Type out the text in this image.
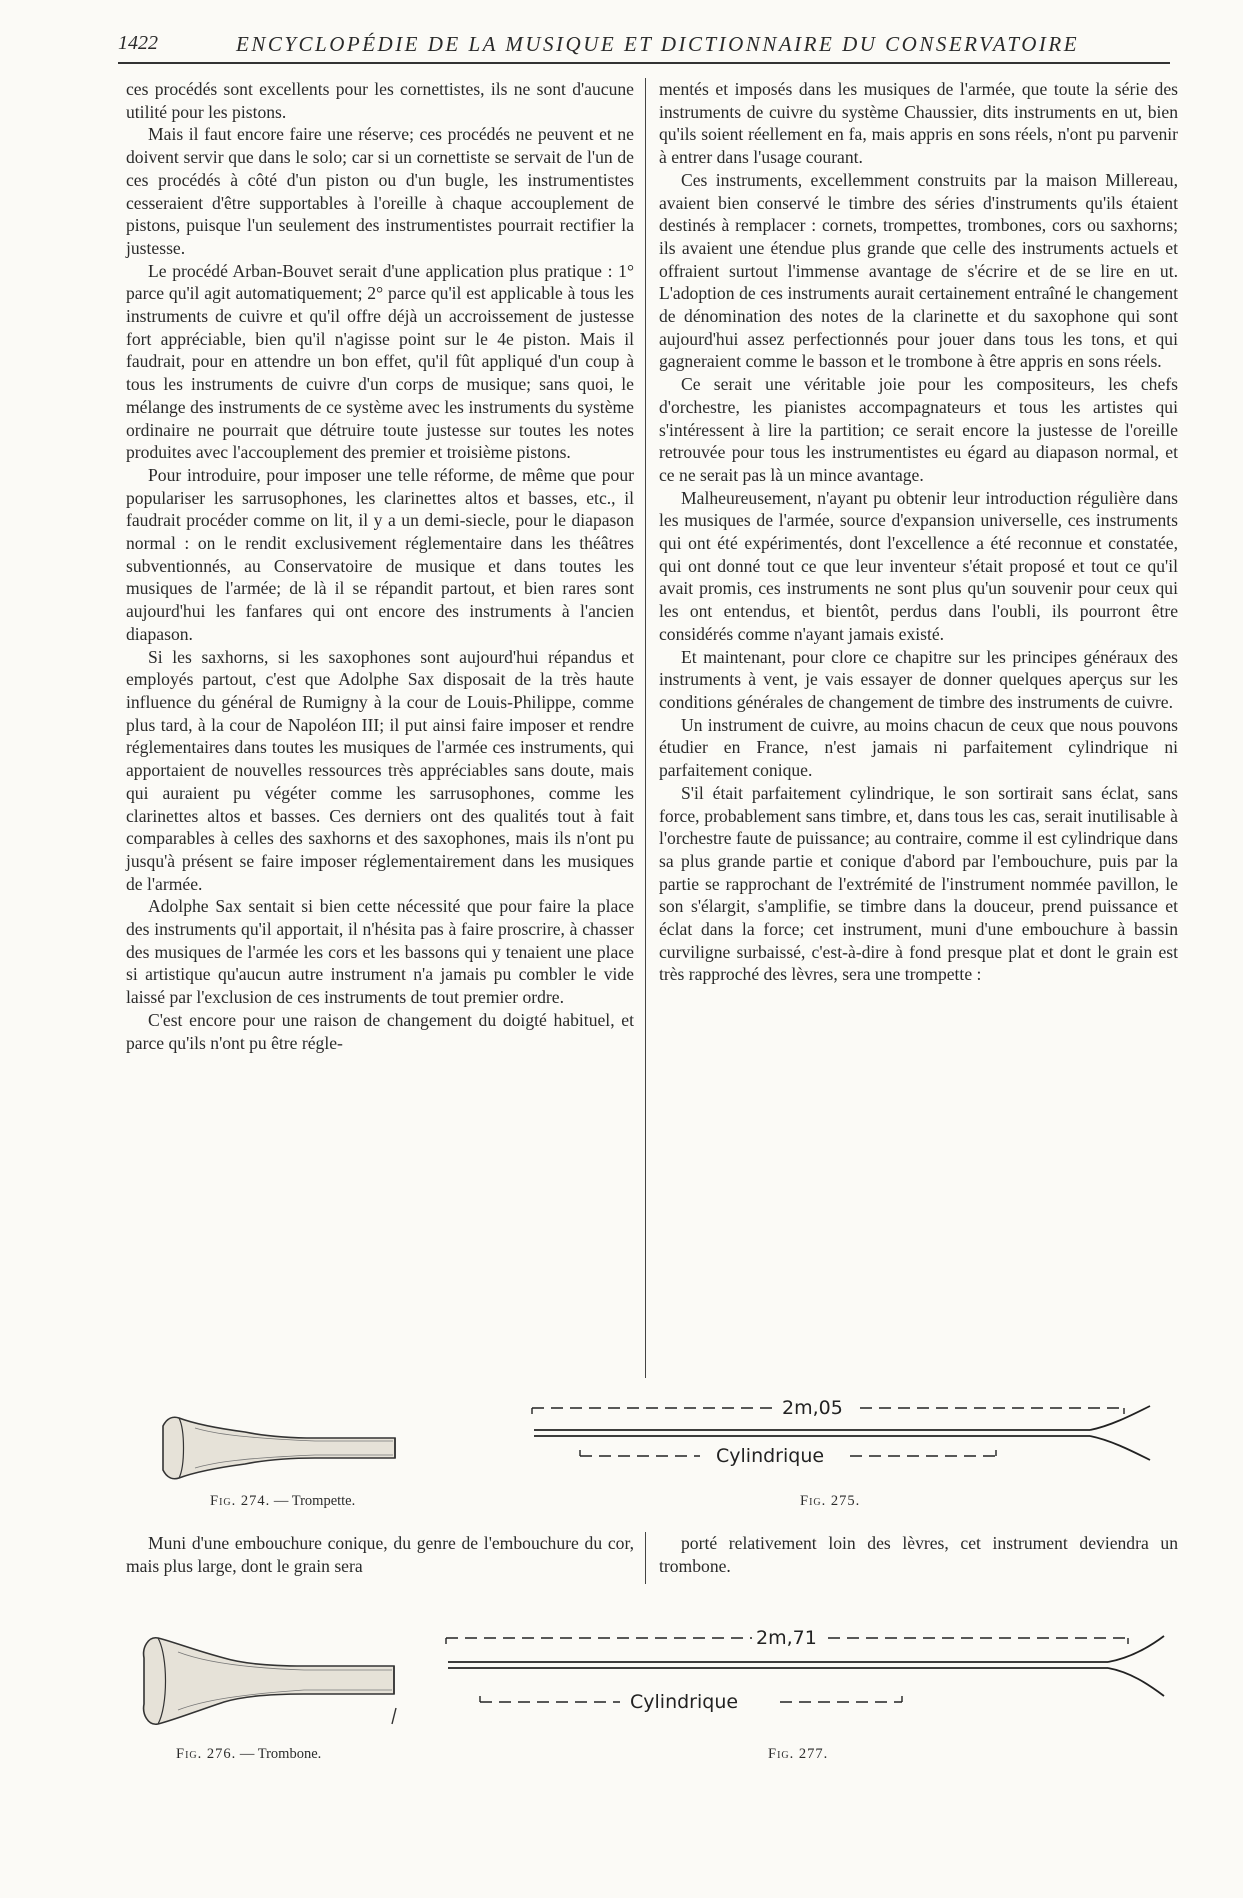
1422	ENCYCLOPÉDIE DE LA MUSIQUE ET DICTIONNAIRE DU CONSERVATOIRE

ces procédés sont excellents pour les cornettistes, ils ne sont d'aucune utilité pour les pistons.

Mais il faut encore faire une réserve; ces procédés ne peuvent et ne doivent servir que dans le solo; car si un cornettiste se servait de l'un de ces procédés à côté d'un piston ou d'un bugle, les instrumentistes cesseraient d'être supportables à l'oreille à chaque accouplement de pistons, puisque l'un seulement des instrumentistes pourrait rectifier la justesse.

Le procédé Arban-Bouvet serait d'une application plus pratique : 1° parce qu'il agit automatiquement; 2° parce qu'il est applicable à tous les instruments de cuivre et qu'il offre déjà un accroissement de justesse fort appréciable, bien qu'il n'agisse point sur le 4e piston. Mais il faudrait, pour en attendre un bon effet, qu'il fût appliqué d'un coup à tous les instruments de cuivre d'un corps de musique; sans quoi, le mélange des instruments de ce système avec les instruments du système ordinaire ne pourrait que détruire toute justesse sur toutes les notes produites avec l'accouplement des premier et troisième pistons.

Pour introduire, pour imposer une telle réforme, de même que pour populariser les sarrusophones, les clarinettes altos et basses, etc., il faudrait procéder comme on lit, il y a un demi-siecle, pour le diapason normal : on le rendit exclusivement réglementaire dans les théâtres subventionnés, au Conservatoire de musique et dans toutes les musiques de l'armée; de là il se répandit partout, et bien rares sont aujourd'hui les fanfares qui ont encore des instruments à l'ancien diapason.

Si les saxhorns, si les saxophones sont aujourd'hui répandus et employés partout, c'est que Adolphe Sax disposait de la très haute influence du général de Rumigny à la cour de Louis-Philippe, comme plus tard, à la cour de Napoléon III; il put ainsi faire imposer et rendre réglementaires dans toutes les musiques de l'armée ces instruments, qui apportaient de nouvelles ressources très appréciables sans doute, mais qui auraient pu végéter comme les sarrusophones, comme les clarinettes altos et basses. Ces derniers ont des qualités tout à fait comparables à celles des saxhorns et des saxophones, mais ils n'ont pu jusqu'à présent se faire imposer réglementairement dans les musiques de l'armée.

Adolphe Sax sentait si bien cette nécessité que pour faire la place des instruments qu'il apportait, il n'hésita pas à faire proscrire, à chasser des musiques de l'armée les cors et les bassons qui y tenaient une place si artistique qu'aucun autre instrument n'a jamais pu combler le vide laissé par l'exclusion de ces instruments de tout premier ordre.

C'est encore pour une raison de changement du doigté habituel, et parce qu'ils n'ont pu être régle-

mentés et imposés dans les musiques de l'armée, que toute la série des instruments de cuivre du système Chaussier, dits instruments en ut, bien qu'ils soient réellement en fa, mais appris en sons réels, n'ont pu parvenir à entrer dans l'usage courant.

Ces instruments, excellemment construits par la maison Millereau, avaient bien conservé le timbre des séries d'instruments qu'ils étaient destinés à remplacer : cornets, trompettes, trombones, cors ou saxhorns; ils avaient une étendue plus grande que celle des instruments actuels et offraient surtout l'immense avantage de s'écrire et de se lire en ut. L'adoption de ces instruments aurait certainement entraîné le changement de dénomination des notes de la clarinette et du saxophone qui sont aujourd'hui assez perfectionnés pour jouer dans tous les tons, et qui gagneraient comme le basson et le trombone à être appris en sons réels.

Ce serait une véritable joie pour les compositeurs, les chefs d'orchestre, les pianistes accompagnateurs et tous les artistes qui s'intéressent à lire la partition; ce serait encore la justesse de l'oreille retrouvée pour tous les instrumentistes eu égard au diapason normal, et ce ne serait pas là un mince avantage.

Malheureusement, n'ayant pu obtenir leur introduction régulière dans les musiques de l'armée, source d'expansion universelle, ces instruments qui ont été expérimentés, dont l'excellence a été reconnue et constatée, qui ont donné tout ce que leur inventeur s'était proposé et tout ce qu'il avait promis, ces instruments ne sont plus qu'un souvenir pour ceux qui les ont entendus, et bientôt, perdus dans l'oubli, ils pourront être considérés comme n'ayant jamais existé.

Et maintenant, pour clore ce chapitre sur les principes généraux des instruments à vent, je vais essayer de donner quelques aperçus sur les conditions générales de changement de timbre des instruments de cuivre.

Un instrument de cuivre, au moins chacun de ceux que nous pouvons étudier en France, n'est jamais ni parfaitement cylindrique ni parfaitement conique.

S'il était parfaitement cylindrique, le son sortirait sans éclat, sans force, probablement sans timbre, et, dans tous les cas, serait inutilisable à l'orchestre faute de puissance; au contraire, comme il est cylindrique dans sa plus grande partie et conique d'abord par l'embouchure, puis par la partie se rapprochant de l'extrémité de l'instrument nommée pavillon, le son s'élargit, s'amplifie, se timbre dans la douceur, prend puissance et éclat dans la force; cet instrument, muni d'une embouchure à bassin curviligne surbaissé, c'est-à-dire à fond presque plat et dont le grain est très rapproché des lèvres, sera une trompette :

Fig. 274. — Trompette.
2m,05
Cylindrique
Fig. 275.

Muni d'une embouchure conique, du genre de l'embouchure du cor, mais plus large, dont le grain sera

porté relativement loin des lèvres, cet instrument deviendra un trombone.

Fig. 276. — Trombone.
2m,71
Cylindrique
Fig. 277.
